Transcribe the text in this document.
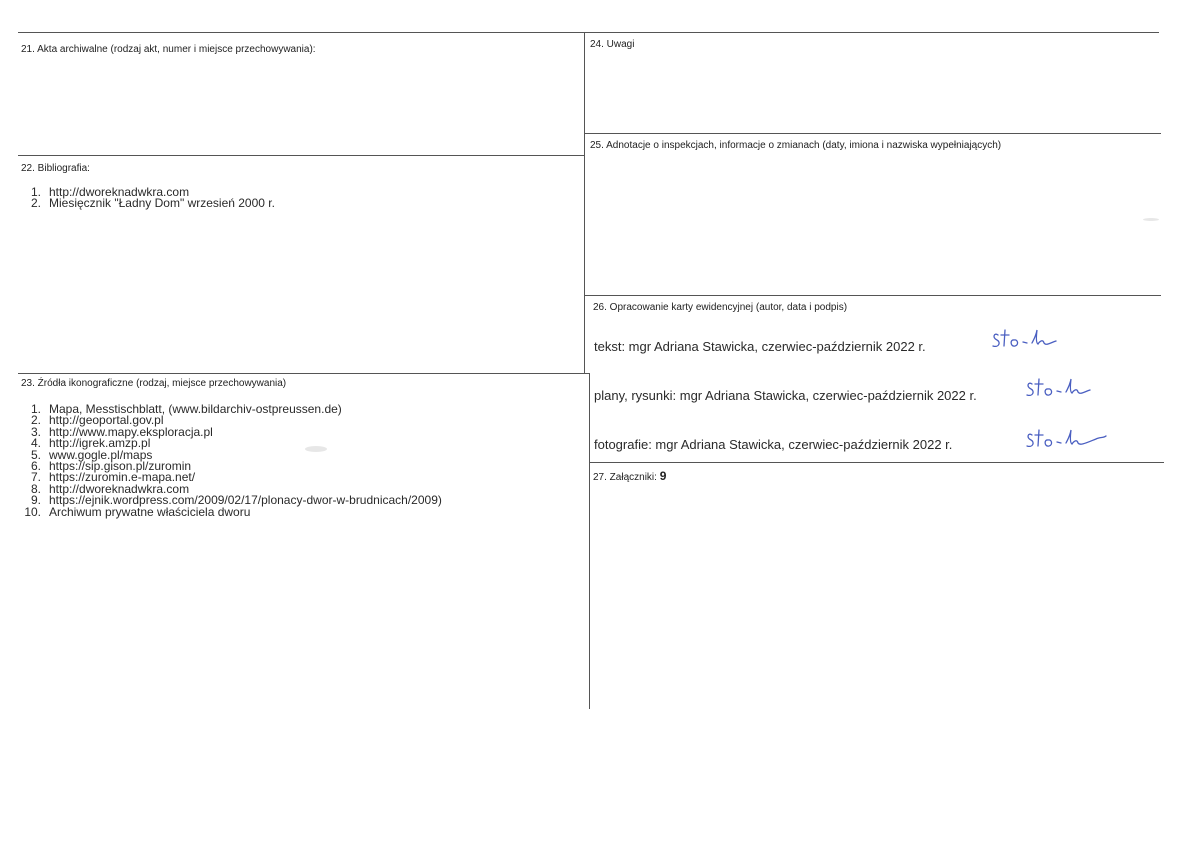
21. Akta archiwalne (rodzaj akt, numer i miejsce przechowywania):
22. Bibliografia:
1. http://dworeknadwkra.com
2. Miesięcznik "Ładny Dom" wrzesień 2000 r.
23. Źródła ikonograficzne (rodzaj, miejsce przechowywania)
1. Mapa, Messtischblatt, (www.bildarchiv-ostpreussen.de)
2. http://geoportal.gov.pl
3. http://www.mapy.eksploracja.pl
4. http://igrek.amzp.pl
5. www.gogle.pl/maps
6. https://sip.gison.pl/zuromin
7. https://zuromin.e-mapa.net/
8. http://dworeknadwkra.com
9. https://ejnik.wordpress.com/2009/02/17/plonacy-dwor-w-brudnicach/2009)
10. Archiwum prywatne właściciela dworu
24. Uwagi
25. Adnotacje o inspekcjach, informacje o zmianach (daty, imiona i nazwiska wypełniających)
26. Opracowanie karty ewidencyjnej (autor, data i podpis)
tekst: mgr Adriana Stawicka, czerwiec-październik 2022 r.
plany, rysunki: mgr Adriana Stawicka, czerwiec-październik 2022 r.
fotografie: mgr Adriana Stawicka, czerwiec-październik 2022 r.
27. Załączniki: 9
